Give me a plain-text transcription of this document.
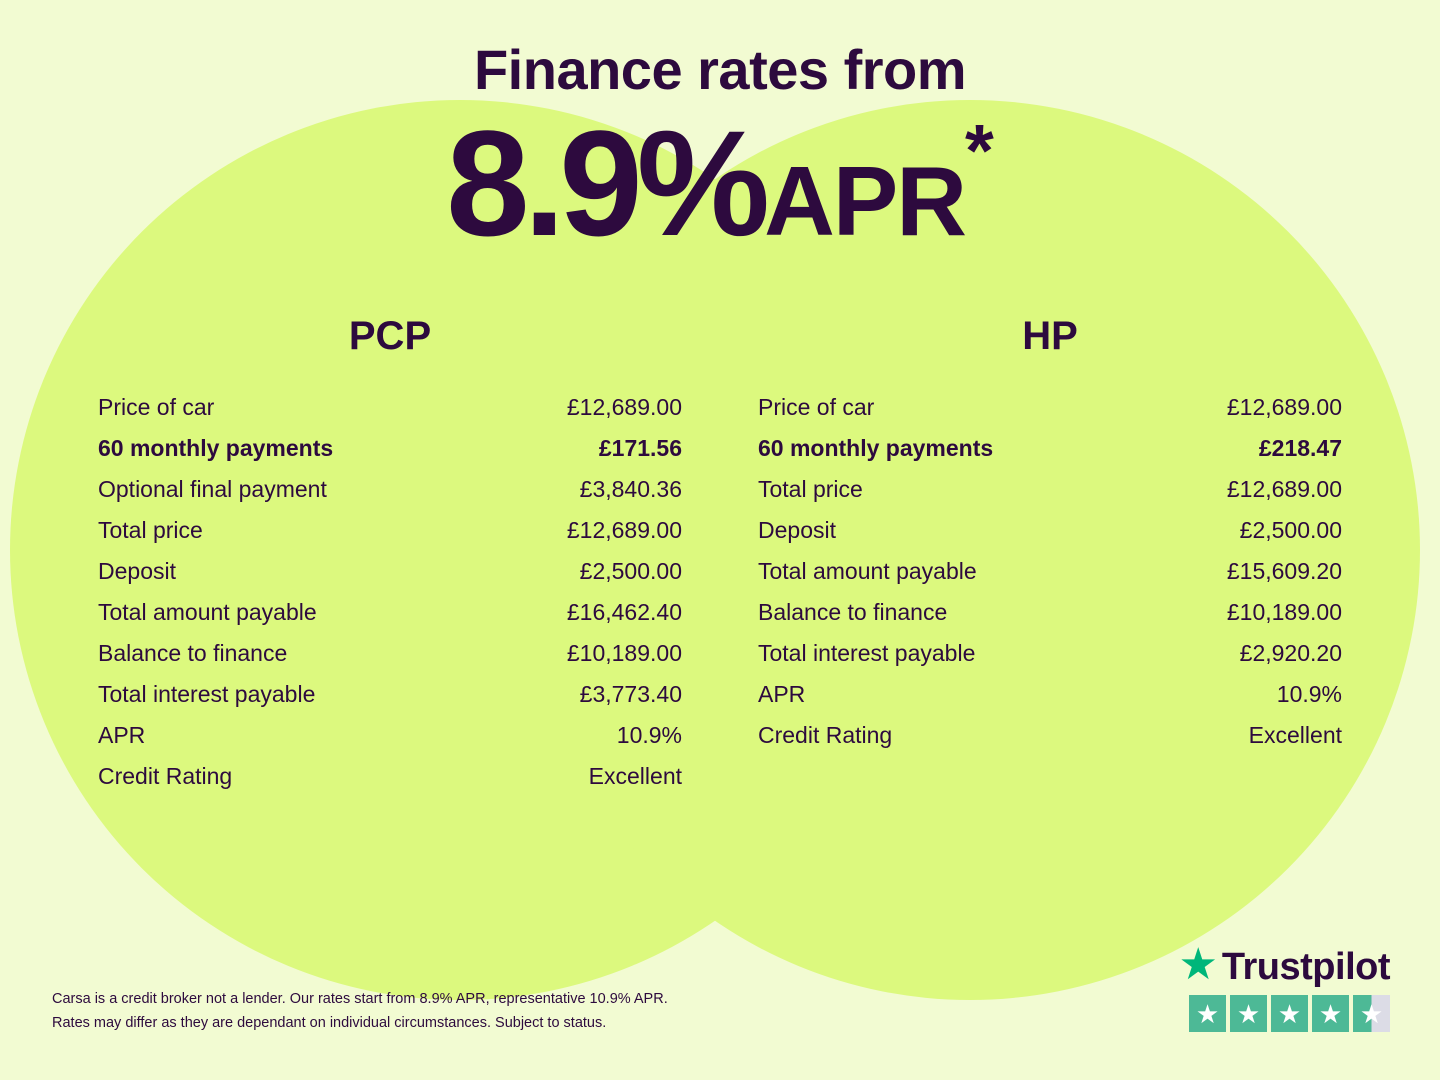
Finance rates from
8.9%APR*
PCP
Price of car	£12,689.00
60 monthly payments	£171.56
Optional final payment	£3,840.36
Total price	£12,689.00
Deposit	£2,500.00
Total amount payable	£16,462.40
Balance to finance	£10,189.00
Total interest payable	£3,773.40
APR	10.9%
Credit Rating	Excellent
HP
Price of car	£12,689.00
60 monthly payments	£218.47
Total price	£12,689.00
Deposit	£2,500.00
Total amount payable	£15,609.20
Balance to finance	£10,189.00
Total interest payable	£2,920.20
APR	10.9%
Credit Rating	Excellent
Carsa is a credit broker not a lender. Our rates start from 8.9% APR, representative 10.9% APR.
Rates may differ as they are dependant on individual circumstances. Subject to status.
★ Trustpilot
★ ★ ★ ★ ★
